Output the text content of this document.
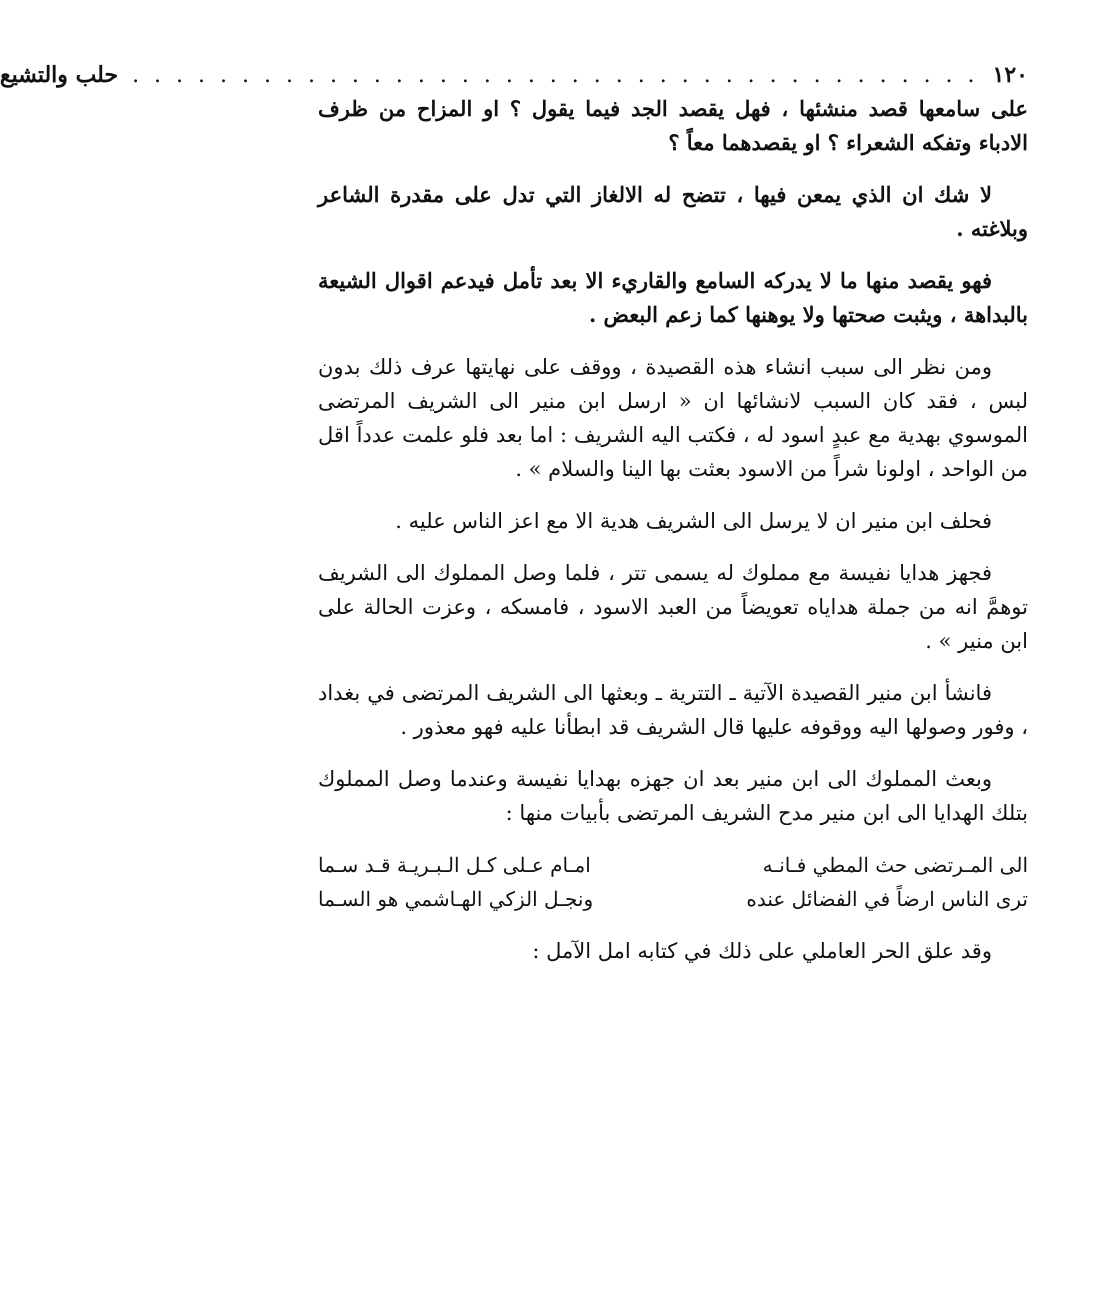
١٢٠
. . . . . . . . . . . . . . . . . . . . . . . . . . . . . . . . . . . . . . .
حلب والتشيع

على سامعها قصد منشئها ، فهل يقصد الجد فيما يقول ؟ او المزاح من ظرف الادباء وتفكه الشعراء ؟ او يقصدهما معاً ؟

لا شك ان الذي يمعن فيها ، تتضح له الالغاز التي تدل على مقدرة الشاعر وبلاغته .

فهو يقصد منها ما لا يدركه السامع والقاريء الا بعد تأمل فيدعم اقوال الشيعة بالبداهة ، ويثبت صحتها ولا يوهنها كما زعم البعض .

ومن نظر الى سبب انشاء هذه القصيدة ، ووقف على نهايتها عرف ذلك بدون لبس ، فقد كان السبب لانشائها ان « ارسل ابن منير الى الشريف المرتضى الموسوي بهدية مع عبدٍ اسود له ، فكتب اليه الشريف : اما بعد فلو علمت عدداً اقل من الواحد ، اولونا شراً من الاسود بعثت بها الينا والسلام » .

فحلف ابن منير ان لا يرسل الى الشريف هدية الا مع اعز الناس عليه .

فجهز هدايا نفيسة مع مملوك له يسمى تتر ، فلما وصل المملوك الى الشريف توهمَّ انه من جملة هداياه تعويضاً من العبد الاسود ، فامسكه ، وعزت الحالة على ابن منير » .

فانشأ ابن منير القصيدة الآتية ـ التترية ـ وبعثها الى الشريف المرتضى في بغداد ، وفور وصولها اليه ووقوفه عليها قال الشريف قد ابطأنا عليه فهو معذور .

وبعث المملوك الى ابن منير بعد ان جهزه بهدايا نفيسة وعندما وصل المملوك بتلك الهدايا الى ابن منير مدح الشريف المرتضى بأبيات منها :

الى المـرتضى حث المطي فـانـه
امـام عـلى كـل الـبـريـة قـد سـما
ترى الناس ارضاً في الفضائل عنده
ونجـل الزكي الهـاشمي هو السـما

وقد علق الحر العاملي على ذلك في كتابه امل الآمل :
